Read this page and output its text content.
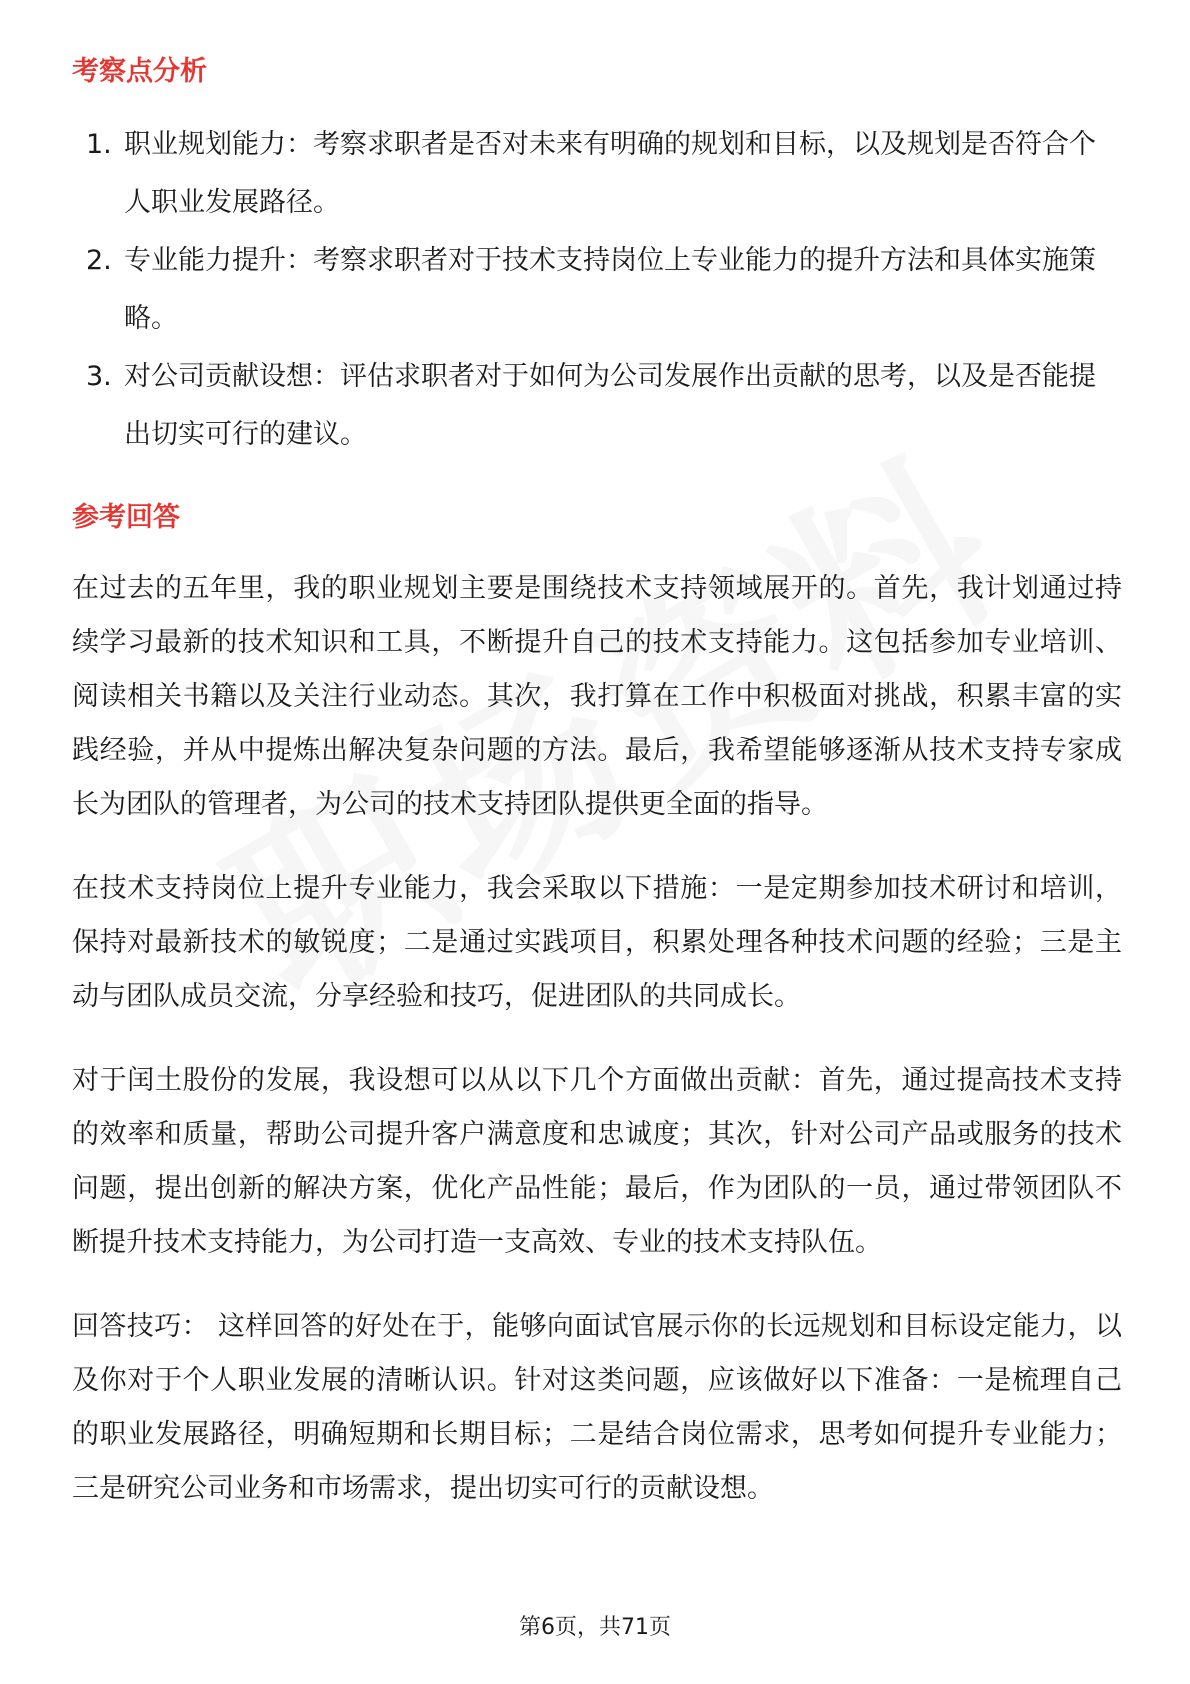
考察点分析
1. 职业规划能力：考察求职者是否对未来有明确的规划和目标，以及规划是否符合个人职业发展路径。
2. 专业能力提升：考察求职者对于技术支持岗位上专业能力的提升方法和具体实施策略。
3. 对公司贡献设想：评估求职者对于如何为公司发展作出贡献的思考，以及是否能提出切实可行的建议。
参考回答

在过去的五年里，我的职业规划主要是围绕技术支持领域展开的。首先，我计划通过持续学习最新的技术知识和工具，不断提升自己的技术支持能力。这包括参加专业培训、阅读相关书籍以及关注行业动态。其次，我打算在工作中积极面对挑战，积累丰富的实践经验，并从中提炼出解决复杂问题的方法。最后，我希望能够逐渐从技术支持专家成长为团队的管理者，为公司的技术支持团队提供更全面的指导。

在技术支持岗位上提升专业能力，我会采取以下措施：一是定期参加技术研讨和培训，保持对最新技术的敏锐度；二是通过实践项目，积累处理各种技术问题的经验；三是主动与团队成员交流，分享经验和技巧，促进团队的共同成长。

对于闰土股份的发展，我设想可以从以下几个方面做出贡献：首先，通过提高技术支持的效率和质量，帮助公司提升客户满意度和忠诚度；其次，针对公司产品或服务的技术问题，提出创新的解决方案，优化产品性能；最后，作为团队的一员，通过带领团队不断提升技术支持能力，为公司打造一支高效、专业的技术支持队伍。

回答技巧： 这样回答的好处在于，能够向面试官展示你的长远规划和目标设定能力，以及你对于个人职业发展的清晰认识。针对这类问题，应该做好以下准备：一是梳理自己的职业发展路径，明确短期和长期目标；二是结合岗位需求，思考如何提升专业能力；三是研究公司业务和市场需求，提出切实可行的贡献设想。

第6页，共71页
